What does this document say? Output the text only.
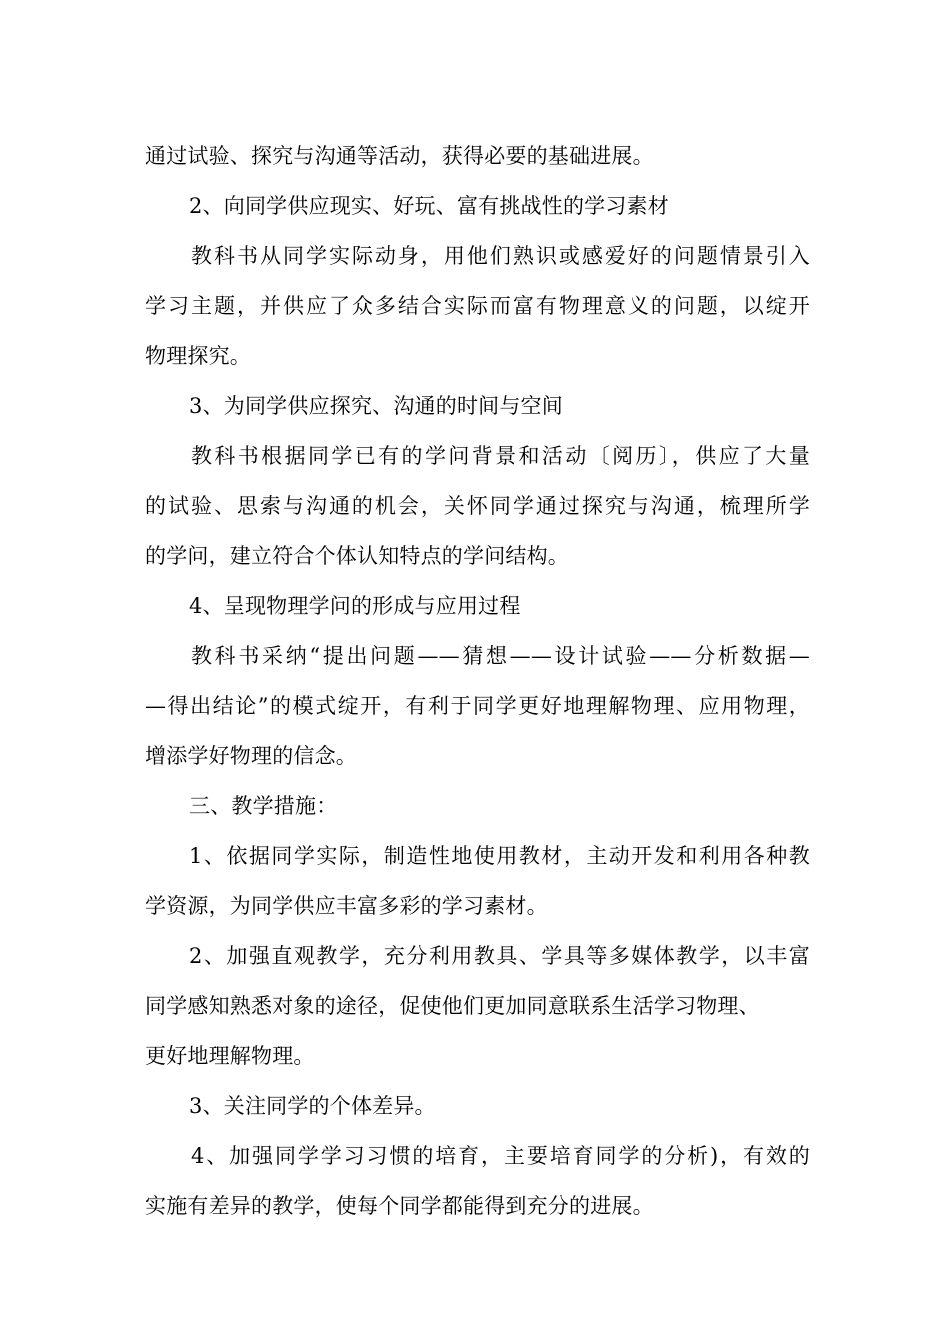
通过试验、探究与沟通等活动，获得必要的基础进展。
2、向同学供应现实、好玩、富有挑战性的学习素材
教科书从同学实际动身，用他们熟识或感爱好的问题情景引入
学习主题，并供应了众多结合实际而富有物理意义的问题，以绽开
物理探究。
3、为同学供应探究、沟通的时间与空间
教科书根据同学已有的学问背景和活动〔阅历〕，供应了大量
的试验、思索与沟通的机会，关怀同学通过探究与沟通，梳理所学
的学问，建立符合个体认知特点的学问结构。
4、呈现物理学问的形成与应用过程
教科书采纳“提出问题——猜想——设计试验——分析数据—
—得出结论”的模式绽开，有利于同学更好地理解物理、应用物理，
增添学好物理的信念。
三、教学措施：
1、依据同学实际，制造性地使用教材，主动开发和利用各种教
学资源，为同学供应丰富多彩的学习素材。
2、加强直观教学，充分利用教具、学具等多媒体教学，以丰富
同学感知熟悉对象的途径，促使他们更加同意联系生活学习物理、
更好地理解物理。
3、关注同学的个体差异。
4、加强同学学习习惯的培育，主要培育同学的分析)，有效的
实施有差异的教学，使每个同学都能得到充分的进展。
